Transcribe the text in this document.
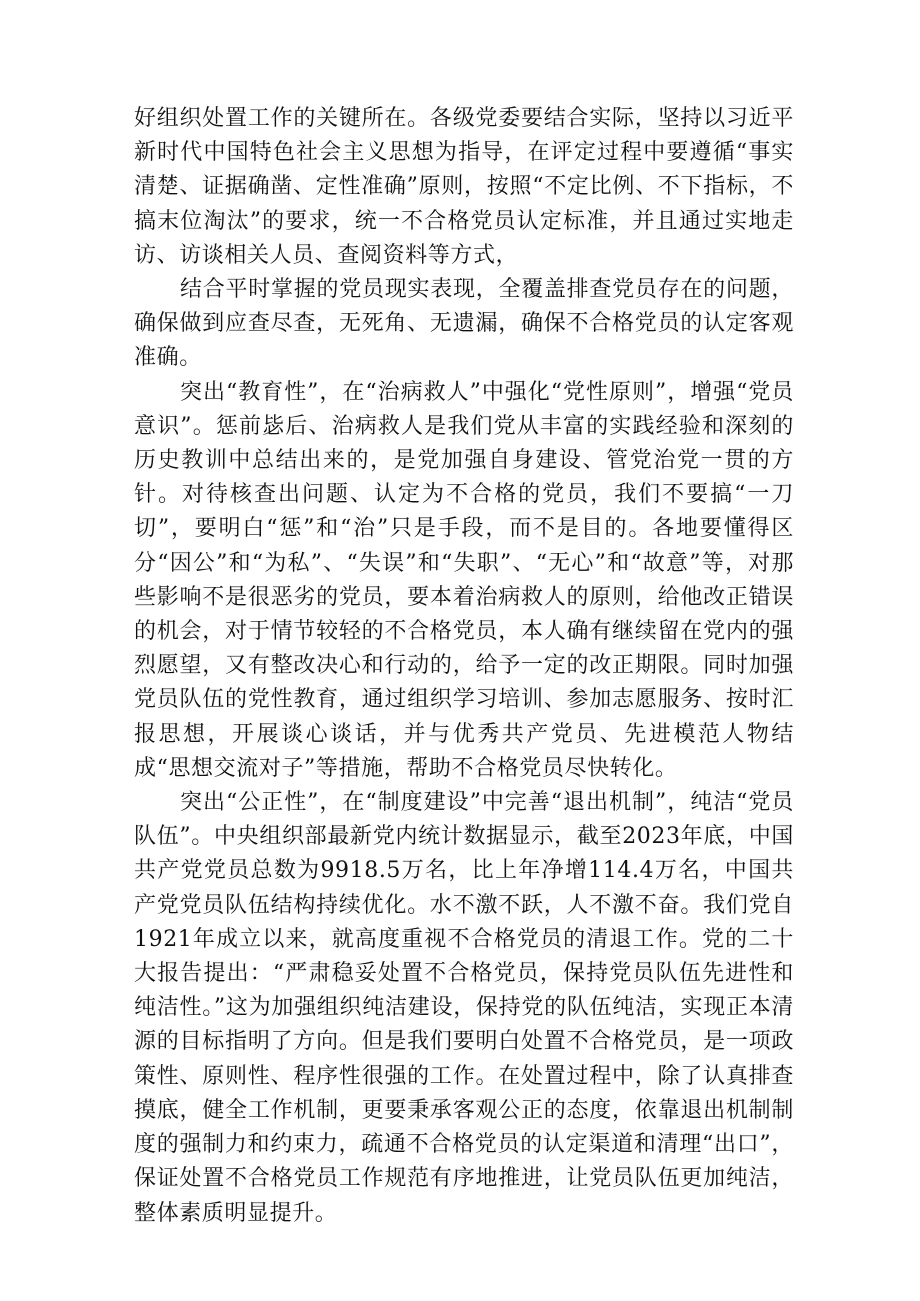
好组织处置工作的关键所在。各级党委要结合实际，坚持以习近平新时代中国特色社会主义思想为指导，在评定过程中要遵循“事实清楚、证据确凿、定性准确”原则，按照“不定比例、不下指标，不搞末位淘汰”的要求，统一不合格党员认定标准，并且通过实地走访、访谈相关人员、查阅资料等方式，

结合平时掌握的党员现实表现，全覆盖排查党员存在的问题，确保做到应查尽查，无死角、无遗漏，确保不合格党员的认定客观准确。

突出“教育性”，在“治病救人”中强化“党性原则”，增强“党员意识”。惩前毖后、治病救人是我们党从丰富的实践经验和深刻的历史教训中总结出来的，是党加强自身建设、管党治党一贯的方针。对待核查出问题、认定为不合格的党员，我们不要搞“一刀切”，要明白“惩”和“治”只是手段，而不是目的。各地要懂得区分“因公”和“为私”、“失误”和“失职”、“无心”和“故意”等，对那些影响不是很恶劣的党员，要本着治病救人的原则，给他改正错误的机会，对于情节较轻的不合格党员，本人确有继续留在党内的强烈愿望，又有整改决心和行动的，给予一定的改正期限。同时加强党员队伍的党性教育，通过组织学习培训、参加志愿服务、按时汇报思想，开展谈心谈话，并与优秀共产党员、先进模范人物结成“思想交流对子”等措施，帮助不合格党员尽快转化。

突出“公正性”，在“制度建设”中完善“退出机制”，纯洁“党员队伍”。中央组织部最新党内统计数据显示，截至2023年底，中国共产党党员总数为9918.5万名，比上年净增114.4万名，中国共产党党员队伍结构持续优化。水不激不跃，人不激不奋。我们党自1921年成立以来，就高度重视不合格党员的清退工作。党的二十大报告提出：“严肃稳妥处置不合格党员，保持党员队伍先进性和纯洁性。”这为加强组织纯洁建设，保持党的队伍纯洁，实现正本清源的目标指明了方向。但是我们要明白处置不合格党员，是一项政策性、原则性、程序性很强的工作。在处置过程中，除了认真排查摸底，健全工作机制，更要秉承客观公正的态度，依靠退出机制制度的强制力和约束力，疏通不合格党员的认定渠道和清理“出口”，保证处置不合格党员工作规范有序地推进，让党员队伍更加纯洁，整体素质明显提升。
